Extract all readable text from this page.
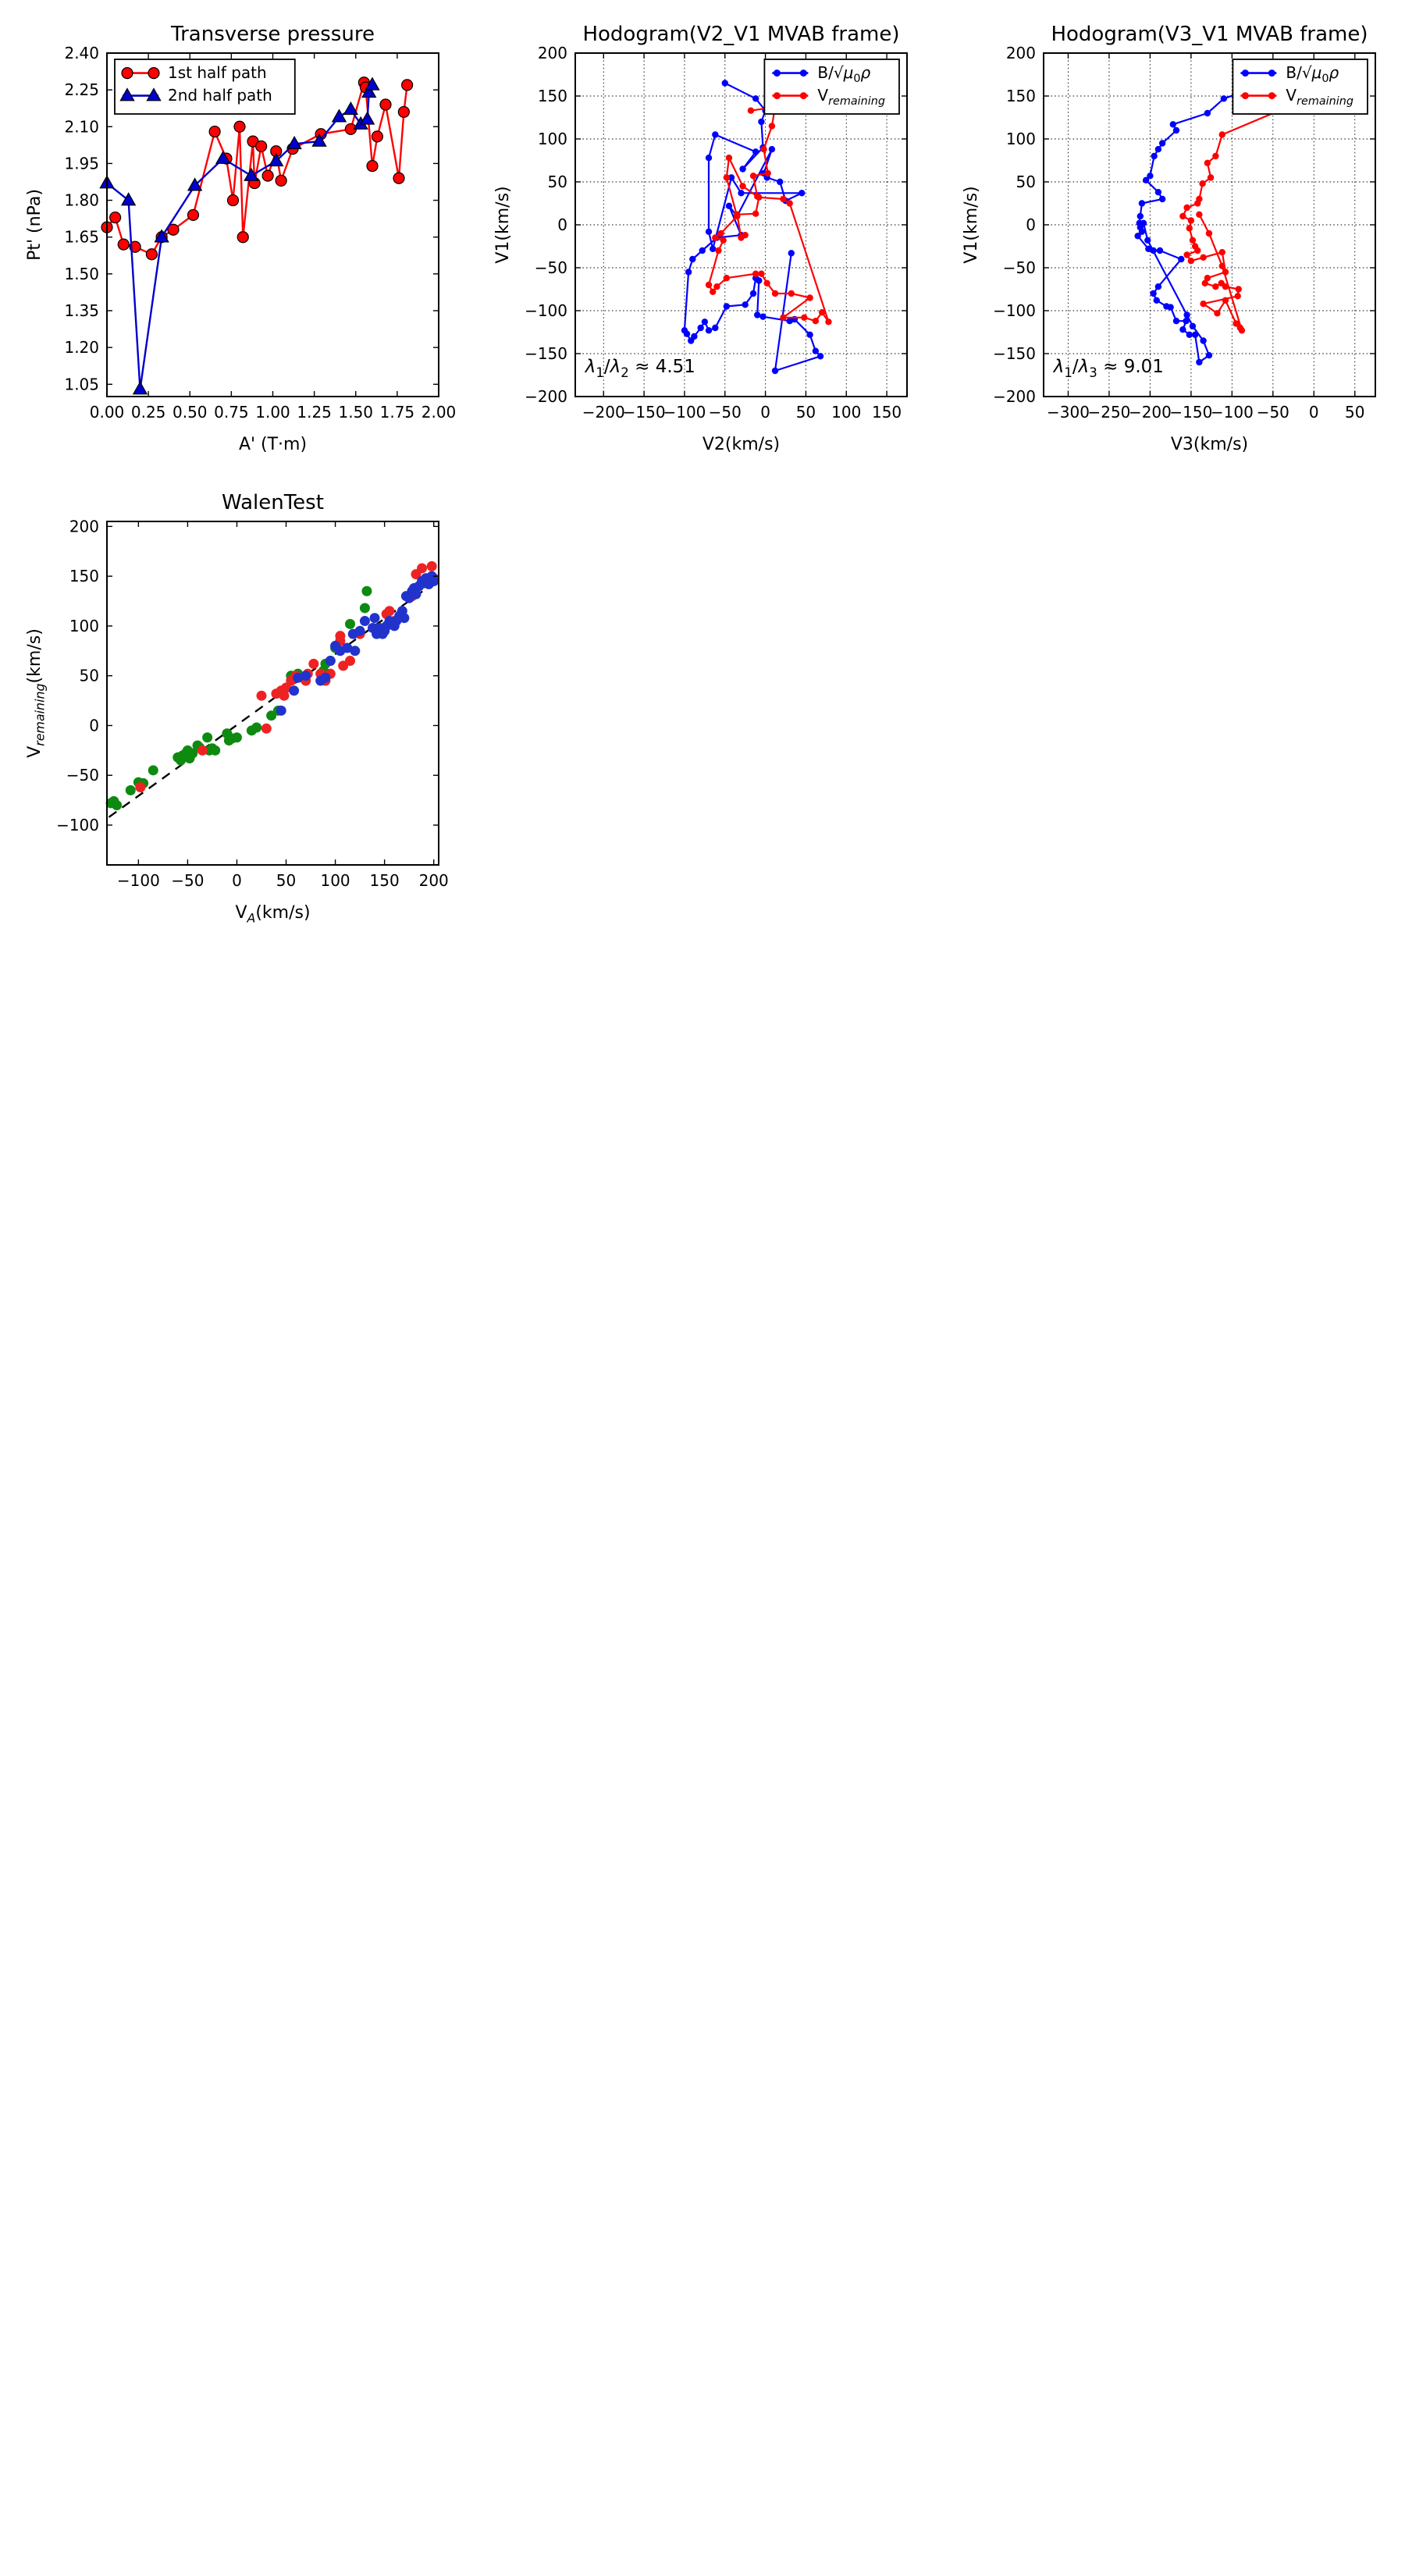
0.00 0.25 0.50 0.75 1.00 1.25 1.50 1.75 2.00
1.05
1.20
1.35
1.50
1.65
1.80
1.95
2.10
2.25
2.40
Transverse pressure
A' (T·m)
Pt' (nPa)
1st half path
2nd half path
−200
−150
−100 −50 0 50 100 150
−200
−150
−100
−50
0
50
100
150
200
Hodogram(V2_V1 MVAB frame)
V2(km/s)
V1(km/s)
$\lambda_1/\lambda_2 \approx 4.51$
$B/√\mu_0\rho$
$V_{remaining}$
−300
−250
−200
−150
−100 −50 0 50
−200
−150
−100
−50
0
50
100
150
200
Hodogram(V3_V1 MVAB frame)
V3(km/s)
V1(km/s)
$\lambda_1/\lambda_3 \approx 9.01$
$B/√\mu_0\rho$
$V_{remaining}$
−100 −50 0 50 100 150 200
−100
−50
0
50
100
150
200
WalenTest
$V_A(km/s)$
$V_{remaining}(km/s)$
